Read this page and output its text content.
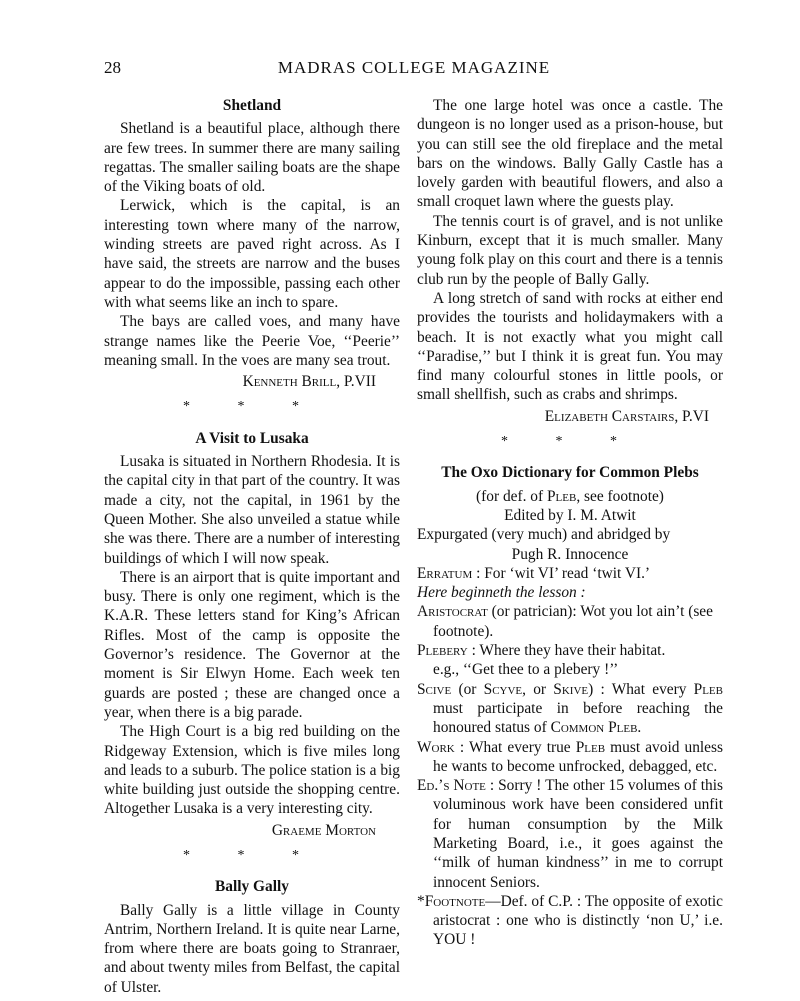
28	MADRAS COLLEGE MAGAZINE
Shetland

Shetland is a beautiful place, although there are few trees. In summer there are many sailing regattas. The smaller sailing boats are the shape of the Viking boats of old.

Lerwick, which is the capital, is an interesting town where many of the narrow, winding streets are paved right across. As I have said, the streets are narrow and the buses appear to do the impossible, passing each other with what seems like an inch to spare.

The bays are called voes, and many have strange names like the Peerie Voe, ‘‘Peerie’’ meaning small. In the voes are many sea trout.

Kenneth Brill, P.VII
* * *
A Visit to Lusaka

Lusaka is situated in Northern Rhodesia. It is the capital city in that part of the country. It was made a city, not the capital, in 1961 by the Queen Mother. She also unveiled a statue while she was there. There are a number of interesting buildings of which I will now speak.

There is an airport that is quite important and busy. There is only one regiment, which is the K.A.R. These letters stand for King’s African Rifles. Most of the camp is opposite the Governor’s residence. The Governor at the moment is Sir Elwyn Home. Each week ten guards are posted ; these are changed once a year, when there is a big parade.

The High Court is a big red building on the Ridgeway Extension, which is five miles long and leads to a suburb. The police station is a big white building just outside the shopping centre. Altogether Lusaka is a very interesting city.

Graeme Morton
* * *
Bally Gally

Bally Gally is a little village in County Antrim, Northern Ireland. It is quite near Larne, from where there are boats going to Stranraer, and about twenty miles from Belfast, the capital of Ulster.

The one large hotel was once a castle. The dungeon is no longer used as a prison-house, but you can still see the old fireplace and the metal bars on the windows. Bally Gally Castle has a lovely garden with beautiful flowers, and also a small croquet lawn where the guests play.

The tennis court is of gravel, and is not unlike Kinburn, except that it is much smaller. Many young folk play on this court and there is a tennis club run by the people of Bally Gally.

A long stretch of sand with rocks at either end provides the tourists and holidaymakers with a beach. It is not exactly what you might call ‘‘Paradise,’’ but I think it is great fun. You may find many colourful stones in little pools, or small shellfish, such as crabs and shrimps.

Elizabeth Carstairs, P.VI
* * *
The Oxo Dictionary for Common Plebs

(for def. of Pleb, see footnote)

Edited by I. M. Atwit

Expurgated (very much) and abridged by

Pugh R. Innocence

Erratum : For ‘wit VI’ read ‘twit VI.’

Here beginneth the lesson :

Aristocrat (or patrician): Wot you lot ain’t (see footnote).

Plebery : Where they have their habitat.
e.g., ‘‘Get thee to a plebery !’’

Scive (or Scyve, or Skive) : What every Pleb must participate in before reaching the honoured status of Common Pleb.

Work : What every true Pleb must avoid unless he wants to become unfrocked, debagged, etc.

Ed.’s Note : Sorry ! The other 15 volumes of this voluminous work have been considered unfit for human consumption by the Milk Marketing Board, i.e., it goes against the ‘‘milk of human kindness’’ in me to corrupt innocent Seniors.

*Footnote—Def. of C.P. : The opposite of exotic aristocrat : one who is distinctly ‘non U,’ i.e. YOU !
